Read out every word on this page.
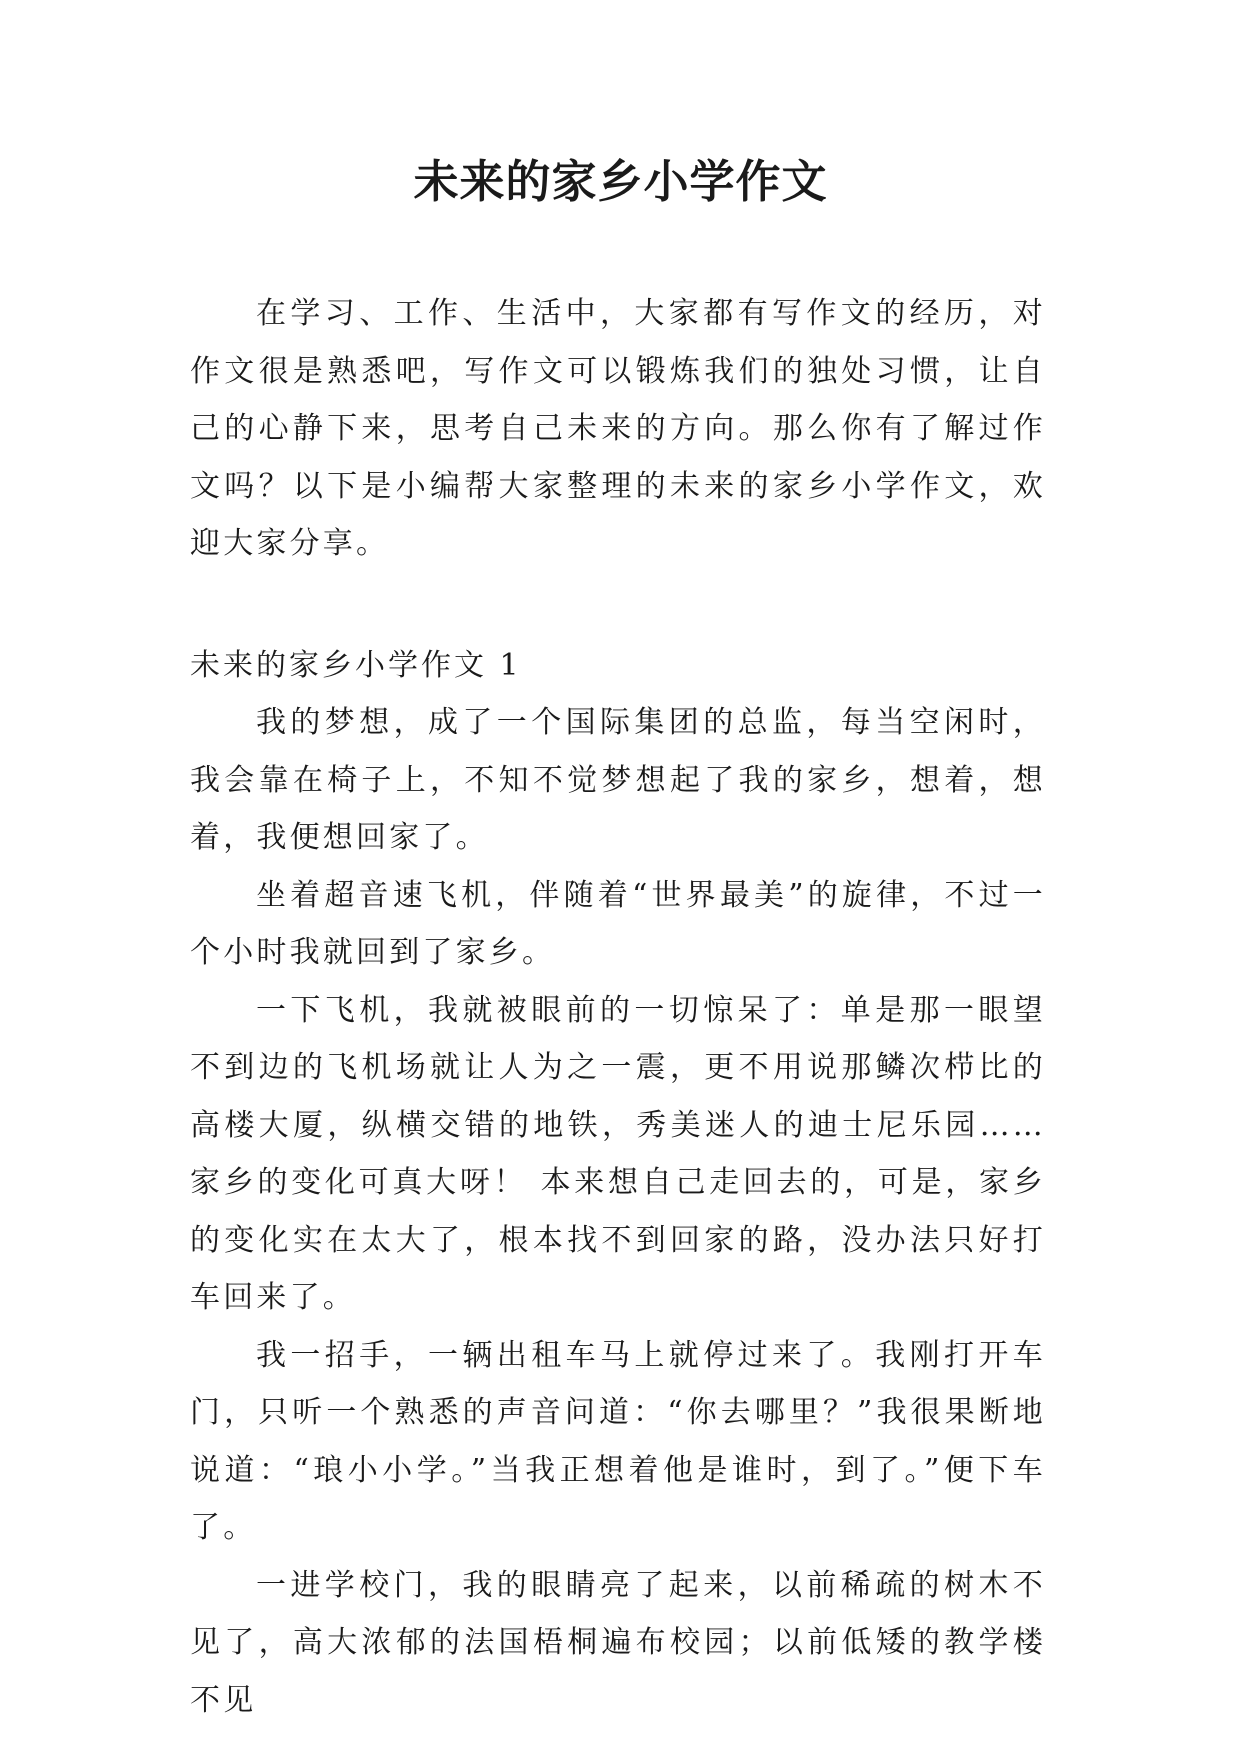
未来的家乡小学作文

在学习、工作、生活中，大家都有写作文的经历，对作文很是熟悉吧，写作文可以锻炼我们的独处习惯，让自己的心静下来，思考自己未来的方向。那么你有了解过作文吗？以下是小编帮大家整理的未来的家乡小学作文，欢迎大家分享。

未来的家乡小学作文 1

我的梦想，成了一个国际集团的总监，每当空闲时，我会靠在椅子上，不知不觉梦想起了我的家乡，想着，想着，我便想回家了。

坐着超音速飞机，伴随着“世界最美”的旋律，不过一个小时我就回到了家乡。

一下飞机，我就被眼前的一切惊呆了：单是那一眼望不到边的飞机场就让人为之一震，更不用说那鳞次栉比的高楼大厦，纵横交错的地铁，秀美迷人的迪士尼乐园……家乡的变化可真大呀！ 本来想自己走回去的，可是，家乡的变化实在太大了，根本找不到回家的路，没办法只好打车回来了。

我一招手，一辆出租车马上就停过来了。我刚打开车门，只听一个熟悉的声音问道：“你去哪里？”我很果断地说道：“琅小小学。”当我正想着他是谁时，到了。”便下车了。

一进学校门，我的眼睛亮了起来，以前稀疏的树木不见了，高大浓郁的法国梧桐遍布校园；以前低矮的教学楼不见
